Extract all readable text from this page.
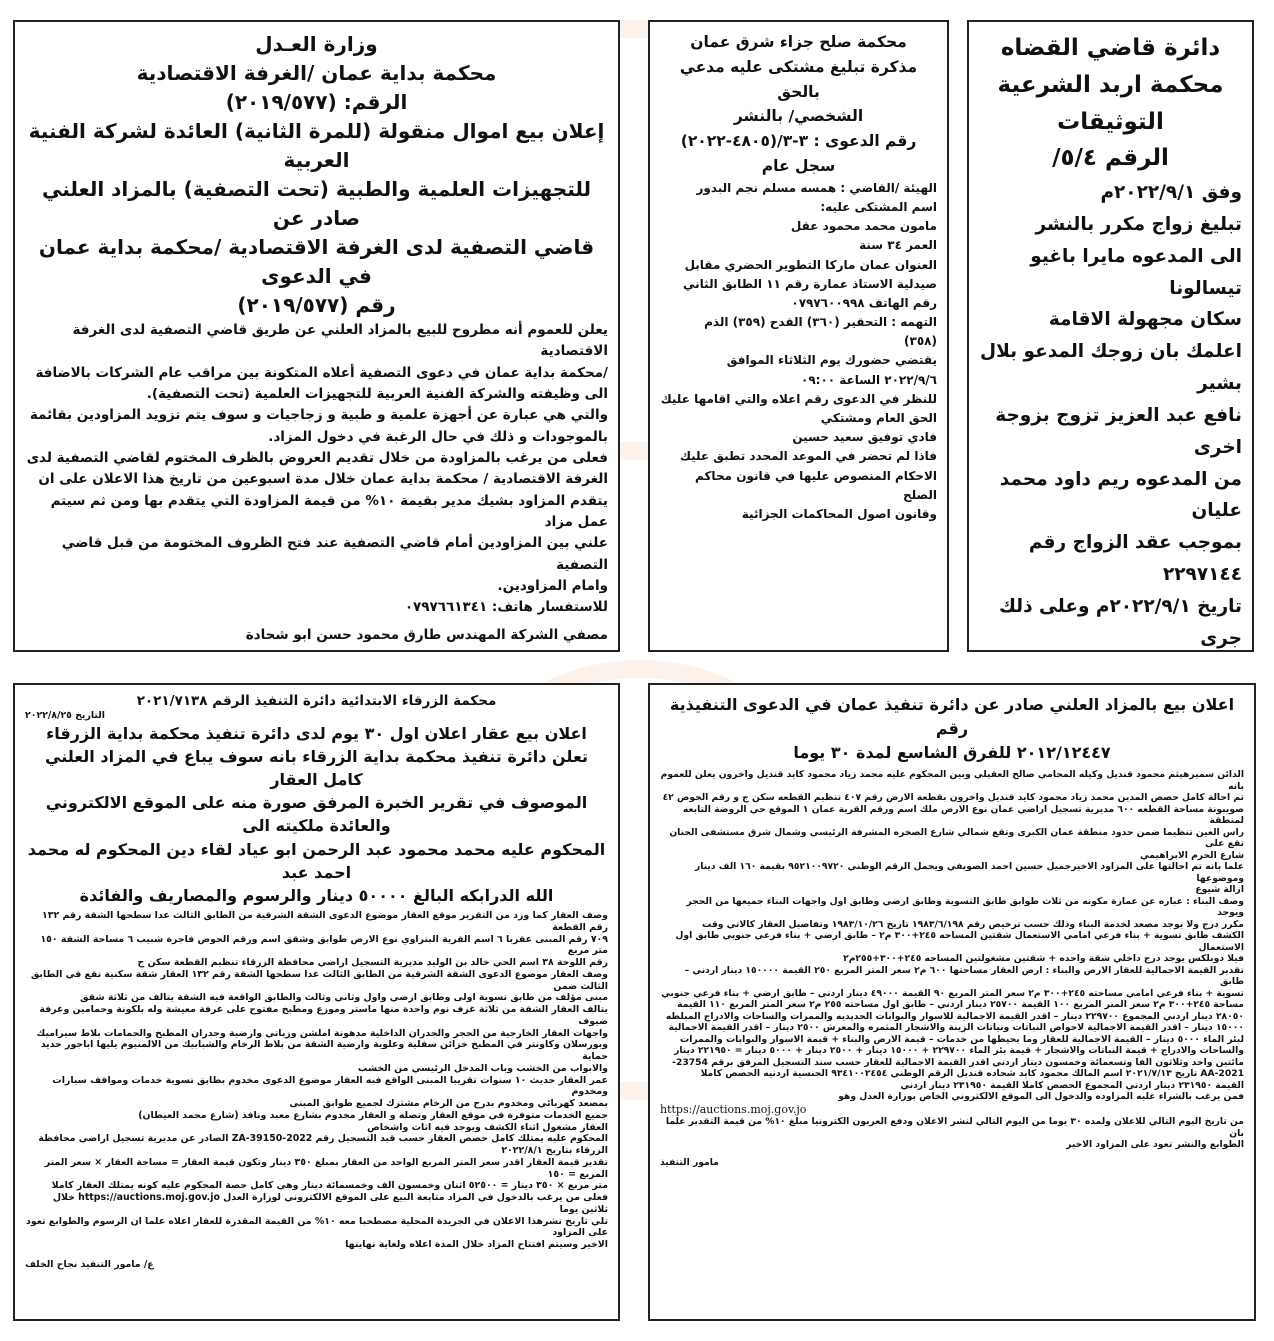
دائرة قاضي القضاه
محكمة اربد الشرعية التوثيقات
الرقم ٥/٤/
وفق ٢٠٢٢/٩/١م
تبليغ زواج مكرر بالنشر
الى المدعوه مايرا باغيو تيسالونا
سكان مجهولة الاقامة
اعلمك بان زوجك المدعو بلال بشير
نافع عبد العزيز تزوج بزوجة اخرى
من المدعوه ريم داود محمد عليان
بموجب عقد الزواج رقم ٢٢٩٧١٤٤
تاريخ ٢٠٢٢/٩/١م وعلى ذلك جرى
محكمة صلح جزاء شرق عمان
مذكرة تبليغ مشتكى عليه مدعي بالحق
الشخصي/ بالنشر
رقم الدعوى : ٣-٣/(٤٨٠٥-٢٠٢٢)
سجل عام
الهيئة /القاضي : همسه مسلم نجم البدور
اسم المشتكى عليه:
مامون محمد محمود عقل
العمر ٣٤ سنة
العنوان عمان ماركا التطوير الحضري مقابل
صيدلية الاستاذ عمارة رقم ١١ الطابق الثاني
رقم الهاتف ٠٧٩٧٦٠٠٩٩٨
التهمه : التحقير (٣٦٠) القدح (٣٥٩) الذم
(٣٥٨)
يقتضي حضورك يوم الثلاثاء الموافق
٢٠٢٢/٩/٦ الساعة ٠٩:٠٠
للنظر في الدعوى رقم اعلاه والتي اقامها عليك
الحق العام ومشتكي
فادي توفيق سعيد حسين
فاذا لم تحضر في الموعد المحدد تطبق عليك
الاحكام المنصوص عليها في قانون محاكم الصلح
وقانون اصول المحاكمات الجزائية
وزارة العـدل
محكمة بداية عمان /الغرفة الاقتصادية
الرقم: (٢٠١٩/٥٧٧)
إعلان بيع اموال منقولة (للمرة الثانية) العائدة لشركة الفنية العربية
للتجهيزات العلمية والطبية (تحت التصفية) بالمزاد العلني صادر عن
قاضي التصفية لدى الغرفة الاقتصادية /محكمة بداية عمان في الدعوى
رقم (٢٠١٩/٥٧٧)
يعلن للعموم أنه مطروح للبيع بالمزاد العلني عن طريق قاضي التصفية لدى الغرفة الاقتصادية
/محكمة بداية عمان في دعوى التصفية أعلاه المتكونة بين مراقب عام الشركات بالاضافة
الى وظيفته والشركة الفنية العربية للتجهيزات العلمية (تحت التصفية).
والتي هي عبارة عن أجهزة علمية و طبية و زجاجيات و سوف يتم تزويد المزاودين بقائمة
بالموجودات و ذلك في حال الرغبة في دخول المزاد.
فعلى من يرغب بالمزاودة من خلال تقديم العروض بالظرف المختوم لقاضي التصفية لدى
الغرفة الاقتصادية / محكمة بداية عمان خلال مدة اسبوعين من تاريخ هذا الاعلان على ان
يتقدم المزاود بشيك مدير بقيمة ١٠% من قيمة المزاودة التي يتقدم بها ومن ثم سيتم عمل مزاد
علني بين المزاودين أمام قاضي التصفية عند فتح الظروف المختومة من قبل قاضي التصفية
وامام المزاودين.
للاستفسار هاتف: ٠٧٩٧٦٦١٣٤١
مصفي الشركة المهندس طارق محمود حسن ابو شحادة
اعلان بيع بالمزاد العلني صادر عن دائرة تنفيذ عمان في الدعوى التنفيذية رقم
٢٠١٢/١٢٤٤٧ للفرق الشاسع لمدة ٣٠ يوما
الدائن سميرهيثم محمود قنديل وكيله المحامي صالح العقيلي وبين المحكوم عليه محمد زياد محمود كايد قنديل واخرون يعلن للعموم بانه
تم احالة كامل حصص المدين محمد زياد محمود كايد قنديل واخرون بقطعة الارض رقم ٤٠٧ تنظيم القطعه سكن ج و رقم الحوض ٤٢
صويبونة مساحة القطعه ٦٠٠ مديرية تسجيل اراضي عمان نوع الارض ملك اسم ورقم القرية عمان ١ الموقع حي الروضة التابعه لمنطقة
راس العين تنظيما ضمن حدود منطقة عمان الكبرى وتقع شمالي شارع الصخره المشرفة الرئيسي وشمال شرق مستشفى الحنان تقع على
شارع الحرم الابراهيمي
علما بانه تم احالتها على المزاود الاخيرجميل حسين احمد الصويفي ويحمل الرقم الوطني ٩٥٢١٠٠٩٧٢٠ بقيمة ١٦٠ الف دينار وموضوعها
ازالة شيوع
وصف البناء : عباره عن عمارة مكونه من ثلاث طوابق طابق التسوية وطابق ارضي وطابق اول واجهات البناء جميعها من الحجر ويوجد
مكرر درج ولا يوجد مصعد لخدمة البناء وذلك حسب ترخيص رقم ١٩٨٣/٦/١٩٨ تاريخ ١٩٨٣/١٠/٢٦ وتفاصيل العقار كالاتي وقت
الكشف طابق تسوية + بناء فرعي امامي الاستعمال شقتين المساحه ٢٤٥+٣٠٠ م٢ – طابق ارضي + بناء فرعي جنوبي طابق اول الاستعمال
فيلا دوبلكس يوجد درج داخلي شقة واحده + شقتين مشغولتين المساحه ٢٤٥+٣٠٠+٢٥٥م٢
تقدير القيمة الاجمالية للعقار الارض والبناء : ارض العقار مساحتها ٦٠٠ م٢ سعر المتر المربع ٢٥٠ القيمة ١٥٠٠٠٠ دينار اردني – طابق
تسوية + بناء فرعي امامي مساحته ٢٤٥+٣٠٠ م٢ سعر المتر المربع ٩٠ القيمة ٤٩٠٠٠ دينار اردني – طابق ارضي + بناء فرعي جنوبي
مساحة ٢٤٥+٣٠٠ م٢ سعر المتر المربع ١٠٠ القيمة ٢٥٧٠٠ دينار اردني – طابق اول مساحته ٢٥٥ م٢ سعر المتر المربع ١١٠ القيمة
٢٨٠٥٠ دينار اردني المجموع ٢٢٩٧٠٠ دينار – اقدر القيمة الاجمالية للاسوار والبوابات الحديديه والممرات والساحات والادراج المبلطه
١٥٠٠٠ دينار – اقدر القيمة الاجمالية لاحواض النباتات ونباتات الزينة والاشجار المثمره والمعرش ٢٥٠٠ دينار – اقدر القيمة الاجمالية
لبئر الماء ٥٠٠٠ دينار – القيمة الاجمالية للعقار وما يحيطها من خدمات – قيمة الارض والبناء + قيمة الاسوار والبوابات والممرات
والساحات والادراج + قيمة النباتات والاشجار + قيمة بئر الماء ٢٢٩٧٠٠ + ١٥٠٠٠ دينار + ٢٥٠٠ دينار + ٥٠٠٠ دينار = ٢٢١٩٥٠ دينار
مائتين واحد وثلاثون الفا وتسعمائة وخمسون دينار اردني اقدر القيمة الاجمالية للعقار حسب سند التسجيل المرفق برقم 23754-
AA-2021 تاريخ ٢٠٢١/٧/١٣ اسم المالك محمود كايد شحاده قنديل الرقم الوطني ٩٣٤١٠٠٢٤٥٤ الجنسية اردنيه الحصص كاملا
القيمة ٢٣١٩٥٠ دينار اردني المجموع الحصص كاملا القيمة ٢٣١٩٥٠ دينار اردني
فمن يرغب بالشراء عليه المزاوده والدخول الى الموقع الالكتروني الخاص بوزارة العدل وهو
https://auctions.moj.gov.jo
من تاريخ اليوم التالي للاعلان ولمده ٣٠ يوما من اليوم التالي لنشر الاعلان ودفع العربون الكترونيا مبلغ ١٠% من قيمة التقدير علما بان
الطوابع والنشر تعود على المزاود الاخير
مامور التنفيذ
محكمة الزرقاء الابتدائية دائرة التنفيذ الرقم ٢٠٢١/٧١٣٨
التاريخ ٢٠٢٢/٨/٢٥
اعلان بيع عقار اعلان اول ٣٠ يوم لدى دائرة تنفيذ محكمة بداية الزرقاء
تعلن دائرة تنفيذ محكمة بداية الزرقاء بانه سوف يباع في المزاد العلني كامل العقار
الموصوف في تقرير الخبرة المرفق صورة منه على الموقع الالكتروني والعائدة ملكيته الى
المحكوم عليه محمد محمود عبد الرحمن ابو عياد لقاء دين المحكوم له محمد احمد عبد
الله الدرابكه البالغ ٥٠٠٠٠ دينار والرسوم والمصاريف والفائدة
وصف العقار كما ورد من التقرير موقع العقار موضوع الدعوى الشقة الشرقية من الطابق الثالث عدا سطحها الشقة رقم ١٣٢ رقم القطعة
٧٠٩ رقم المبنى عقربا ٦ اسم القرية البتراوي نوع الارض طوابق وشقق اسم ورقم الحوض فاجرة شبيب ٦ مساحة الشقة ١٥٠ متر مربع
رقم اللوحة ٣٨ اسم الحي خالد بن الوليد مديرية التسجيل اراضي محافظة الزرقاء تنظيم القطعة سكن ج
وصف العقار موضوع الدعوى الشقة الشرقية من الطابق الثالث عدا سطحها الشقة رقم ١٣٢ العقار شقة سكنية تقع في الطابق الثالث ضمن
مبنى مؤلف من طابق تسوية اولى وطابق ارضي واول وثاني وثالث والطابق الواقعة فيه الشقة يتالف من ثلاثة شقق
يتالف العقار الشقة من ثلاثة غرف نوم واحدة منها ماستر وموزع ومطبخ مفتوح على غرفة معيشة وله بلكونة وحمامين وغرفة ضيوف
واجهات العقار الخارجية من الحجر والجدران الداخلية مدهونة املشن وزياتي وارضية وجدران المطبخ والحمامات بلاط سيراميك
وبورسلان وكاونتر في المطبخ خزائن سفلية وعلوية وارضية الشقة من بلاط الرخام والشبابيك من الالمنيوم يليها اباجور حديد حماية
والابواب من الخشب وباب المدخل الرئيسي من الخشب
عمر العقار حديث ١٠ سنوات تقريبا المبنى الواقع فيه العقار موضوع الدعوى مخدوم بطابق تسوية خدمات ومواقف سيارات ومخدوم
بمصعد كهربائي ومخدوم بدرج من الرخام مشترك لجميع طوابق المبنى
جميع الخدمات متوفرة في موقع العقار وتصله و العقار مخدوم بشارع معبد ونافذ (شارع محمد العيطان)
العقار مشغول اثناء الكشف ويوجد فيه اثاث واشخاص
المحكوم عليه يمتلك كامل حصص العقار حسب قيد التسجيل رقم 2022-ZA-39150 الصادر عن مديرية تسجيل اراضي محافظة
الزرقاء بتاريخ ٢٠٢٢/٨/١
تقدير قيمة العقار اقدر سعر المتر المربع الواحد من العقار بمبلغ ٣٥٠ دينار وتكون قيمة العقار = مساحة العقار × سعر المتر المربع = ١٥٠
متر مربع × ٣٥٠ دينار = ٥٢٥٠٠ اثنان وخمسون الف وخمسمائة دينار وهي كامل حصة المحكوم عليه كونه يمتلك العقار كاملا
فعلى من يرغب بالدخول في المزاد متابعة البيع على الموقع الالكتروني لوزارة العدل https://auctions.moj.gov.jo خلال ثلاثين يوما
تلي تاريخ نشرهذا الاعلان في الجريدة المحلية مصطحبا معه ١٠% من القيمة المقدرة للعقار اعلاه علما ان الرسوم والطوابع تعود على المزاود
الاخير وسيتم افتتاح المزاد خلال المدة اعلاه ولغاية نهايتها
ع/ مامور التنفيذ نجاح الخلف
